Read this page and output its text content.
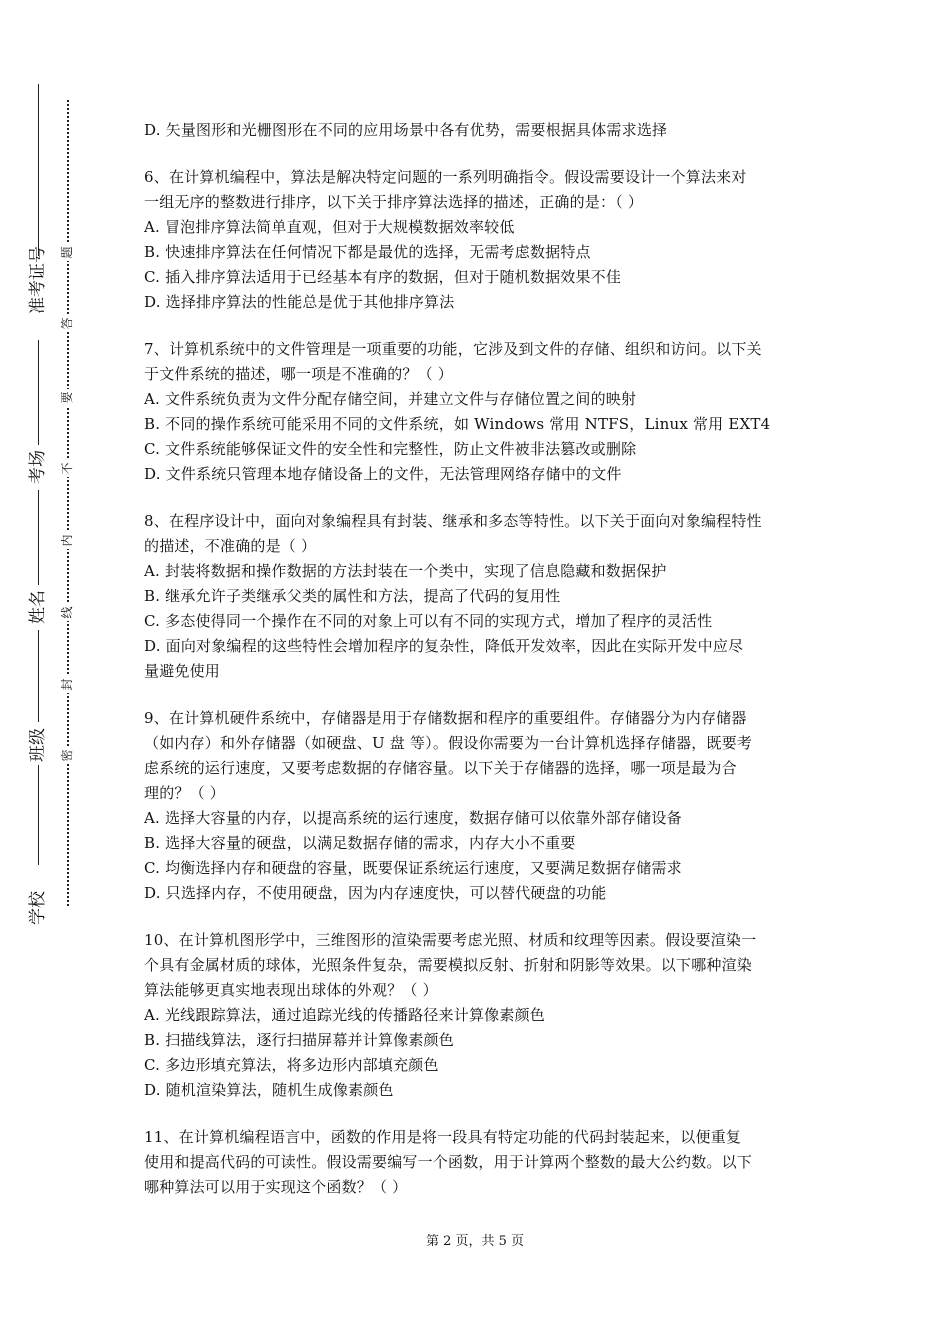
准考证号
考场
姓名
班级
学校
题
答
要
不
内
线
封
密
D. 矢量图形和光栅图形在不同的应用场景中各有优势，需要根据具体需求选择
6、在计算机编程中，算法是解决特定问题的一系列明确指令。假设需要设计一个算法来对
一组无序的整数进行排序，以下关于排序算法选择的描述，正确的是：（ ）
A. 冒泡排序算法简单直观，但对于大规模数据效率较低
B. 快速排序算法在任何情况下都是最优的选择，无需考虑数据特点
C. 插入排序算法适用于已经基本有序的数据，但对于随机数据效果不佳
D. 选择排序算法的性能总是优于其他排序算法
7、计算机系统中的文件管理是一项重要的功能，它涉及到文件的存储、组织和访问。以下关
于文件系统的描述，哪一项是不准确的？（ ）
A. 文件系统负责为文件分配存储空间，并建立文件与存储位置之间的映射
B. 不同的操作系统可能采用不同的文件系统，如 Windows 常用 NTFS，Linux 常用 EXT4
C. 文件系统能够保证文件的安全性和完整性，防止文件被非法篡改或删除
D. 文件系统只管理本地存储设备上的文件，无法管理网络存储中的文件
8、在程序设计中，面向对象编程具有封装、继承和多态等特性。以下关于面向对象编程特性
的描述，不准确的是（ ）
A. 封装将数据和操作数据的方法封装在一个类中，实现了信息隐藏和数据保护
B. 继承允许子类继承父类的属性和方法，提高了代码的复用性
C. 多态使得同一个操作在不同的对象上可以有不同的实现方式，增加了程序的灵活性
D. 面向对象编程的这些特性会增加程序的复杂性，降低开发效率，因此在实际开发中应尽
量避免使用
9、在计算机硬件系统中，存储器是用于存储数据和程序的重要组件。存储器分为内存储器
（如内存）和外存储器（如硬盘、U 盘 等）。假设你需要为一台计算机选择存储器，既要考
虑系统的运行速度，又要考虑数据的存储容量。以下关于存储器的选择，哪一项是最为合
理的？（ ）
A. 选择大容量的内存，以提高系统的运行速度，数据存储可以依靠外部存储设备
B. 选择大容量的硬盘，以满足数据存储的需求，内存大小不重要
C. 均衡选择内存和硬盘的容量，既要保证系统运行速度，又要满足数据存储需求
D. 只选择内存，不使用硬盘，因为内存速度快，可以替代硬盘的功能
10、在计算机图形学中，三维图形的渲染需要考虑光照、材质和纹理等因素。假设要渲染一
个具有金属材质的球体，光照条件复杂，需要模拟反射、折射和阴影等效果。以下哪种渲染
算法能够更真实地表现出球体的外观？（ ）
A. 光线跟踪算法，通过追踪光线的传播路径来计算像素颜色
B. 扫描线算法，逐行扫描屏幕并计算像素颜色
C. 多边形填充算法，将多边形内部填充颜色
D. 随机渲染算法，随机生成像素颜色
11、在计算机编程语言中，函数的作用是将一段具有特定功能的代码封装起来，以便重复
使用和提高代码的可读性。假设需要编写一个函数，用于计算两个整数的最大公约数。以下
哪种算法可以用于实现这个函数？（ ）
第 2 页，共 5 页
